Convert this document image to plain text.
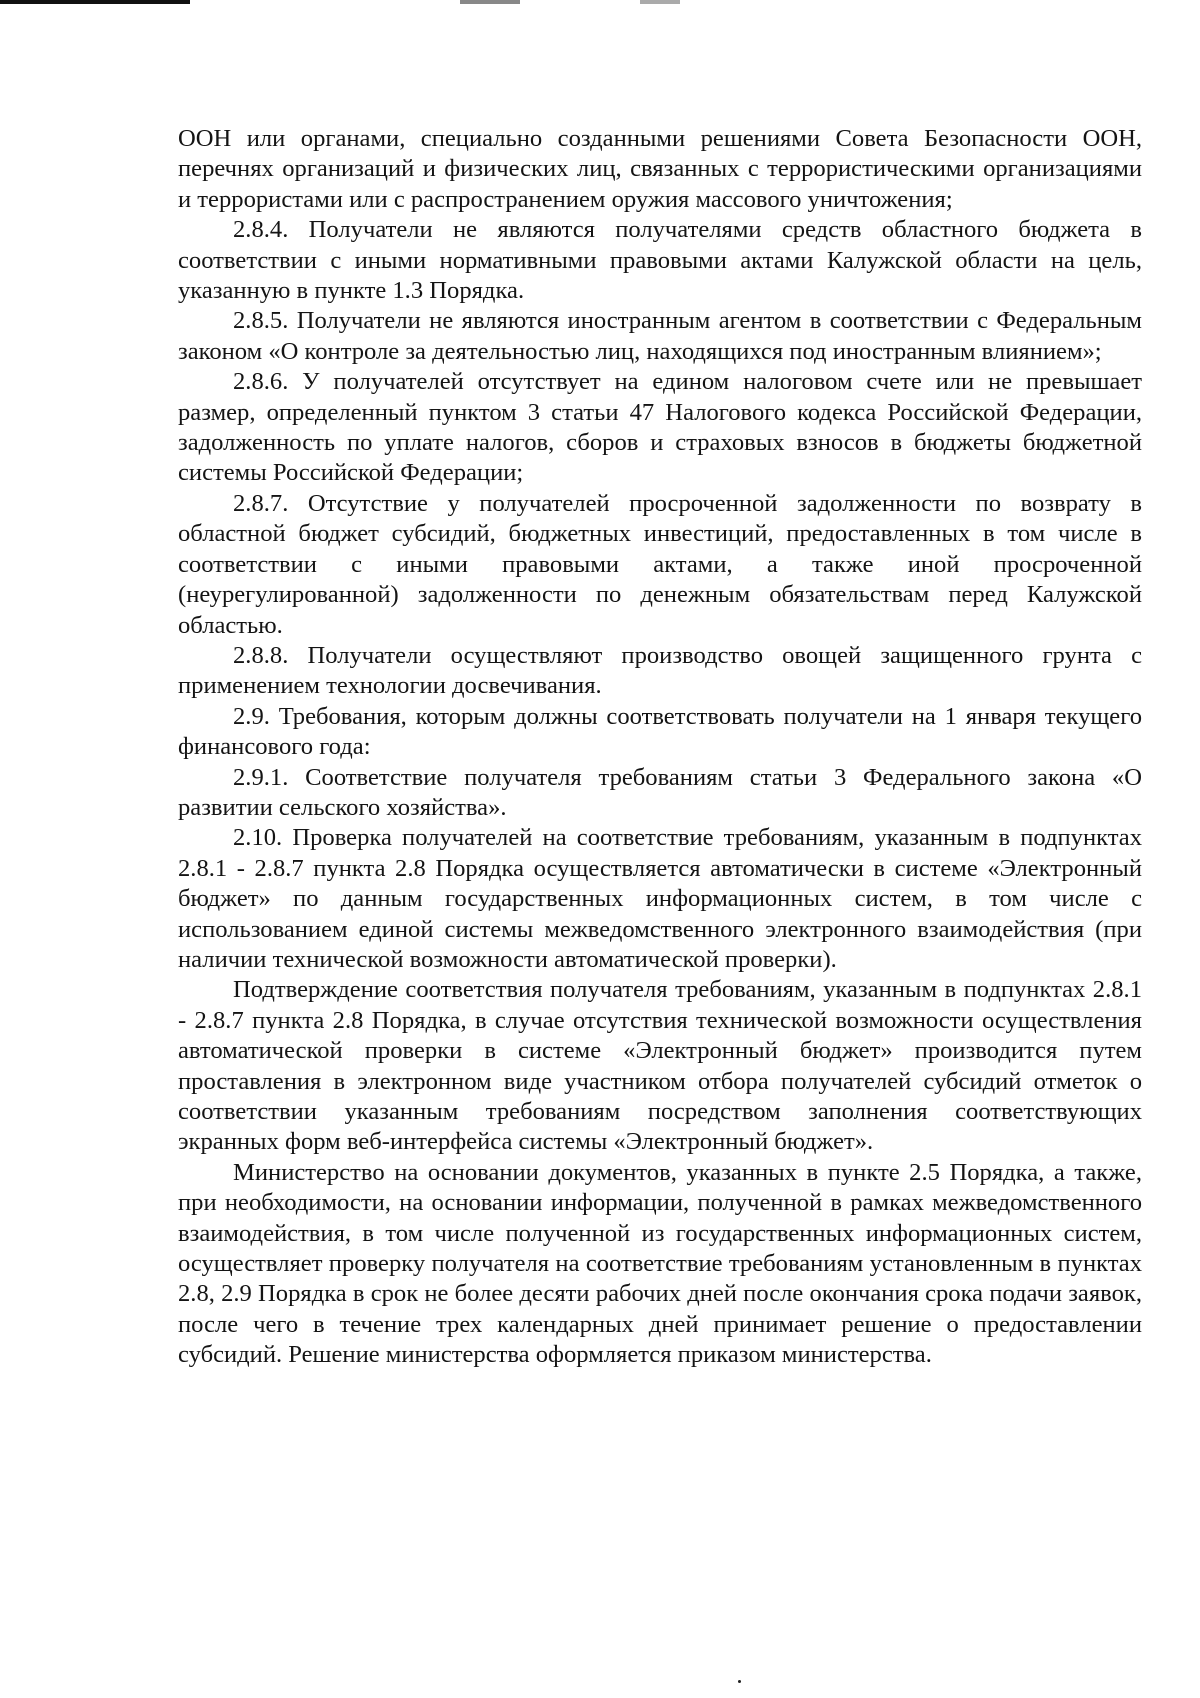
ООН или органами, специально созданными решениями Совета Безопасности ООН, перечнях организаций и физических лиц, связанных с террористическими организациями и террористами или с распространением оружия массового уничтожения;

2.8.4. Получатели не являются получателями средств областного бюджета в соответствии с иными нормативными правовыми актами Калужской области на цель, указанную в пункте 1.3 Порядка.

2.8.5. Получатели не являются иностранным агентом в соответствии с Федеральным законом «О контроле за деятельностью лиц, находящихся под иностранным влиянием»;

2.8.6. У получателей отсутствует на едином налоговом счете или не превышает размер, определенный пунктом 3 статьи 47 Налогового кодекса Российской Федерации, задолженность по уплате налогов, сборов и страховых взносов в бюджеты бюджетной системы Российской Федерации;

2.8.7. Отсутствие у получателей просроченной задолженности по возврату в областной бюджет субсидий, бюджетных инвестиций, предоставленных в том числе в соответствии с иными правовыми актами, а также иной просроченной (неурегулированной) задолженности по денежным обязательствам перед Калужской областью.

2.8.8. Получатели осуществляют производство овощей защищенного грунта с применением технологии досвечивания.

2.9. Требования, которым должны соответствовать получатели на 1 января текущего финансового года:

2.9.1. Соответствие получателя требованиям статьи 3 Федерального закона «О развитии сельского хозяйства».

2.10. Проверка получателей на соответствие требованиям, указанным в подпунктах 2.8.1 - 2.8.7 пункта 2.8 Порядка осуществляется автоматически в системе «Электронный бюджет» по данным государственных информационных систем, в том числе с использованием единой системы межведомственного электронного взаимодействия (при наличии технической возможности автоматической проверки).

Подтверждение соответствия получателя требованиям, указанным в подпунктах 2.8.1 - 2.8.7 пункта 2.8 Порядка, в случае отсутствия технической возможности осуществления автоматической проверки в системе «Электронный бюджет» производится путем проставления в электронном виде участником отбора получателей субсидий отметок о соответствии указанным требованиям посредством заполнения соответствующих экранных форм веб-интерфейса системы «Электронный бюджет».

Министерство на основании документов, указанных в пункте 2.5 Порядка, а также, при необходимости, на основании информации, полученной в рамках межведомственного взаимодействия, в том числе полученной из государственных информационных систем, осуществляет проверку получателя на соответствие требованиям установленным в пунктах 2.8, 2.9 Порядка в срок не более десяти рабочих дней после окончания срока подачи заявок, после чего в течение трех календарных дней принимает решение о предоставлении субсидий. Решение министерства оформляется приказом министерства.
